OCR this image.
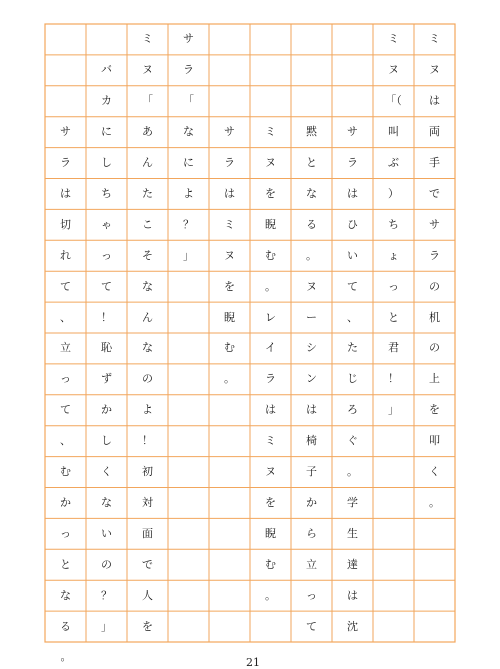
ミ
ヌ
は
両
手
で
サ
ラ
の
机
の
上
を
叩
く
。
ミ
ヌ
「（
叫
ぶ
）
ち
ょ
っ
と
君
！
」
サ
ラ
は
ひ
い
て
、
た
じ
ろ
ぐ
。
学
生
達
は
沈
黙
と
な
る
。
ヌ
ー
シ
ン
は
椅
子
か
ら
立
っ
て
ミ
ヌ
を
睨
む
。
レ
イ
ラ
は
ミ
ヌ
を
睨
む
。
サ
ラ
は
ミ
ヌ
を
睨
む
。
サ
ラ
「
な
に
よ
？
」
ミ
ヌ
「
あ
ん
た
こ
そ
な
ん
な
の
よ
！
初
対
面
で
人
を
バ
カ
に
し
ち
ゃ
っ
て
！
恥
ず
か
し
く
な
い
の
？
」
サ
ラ
は
切
れ
て
、
立
っ
て
、
む
か
っ
と
な
る
。	21
